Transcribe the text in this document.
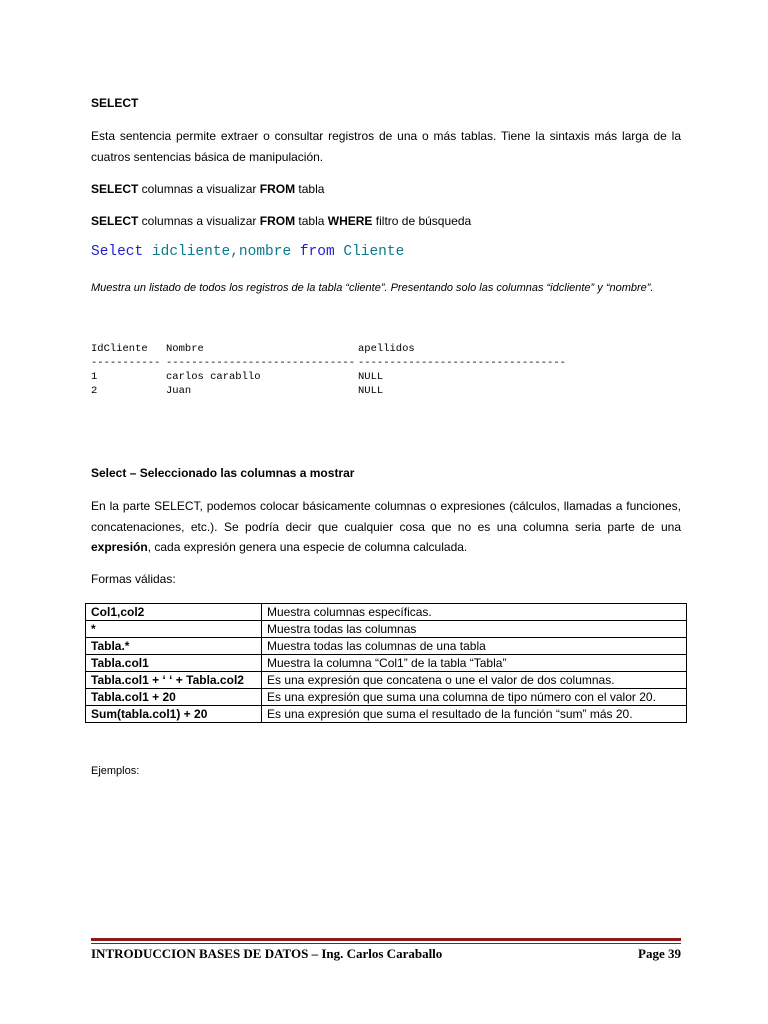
SELECT
Esta sentencia permite extraer o consultar registros de una o más tablas. Tiene la sintaxis más larga de la cuatros sentencias básica de manipulación.
SELECT columnas a visualizar FROM tabla
SELECT columnas a visualizar FROM tabla WHERE filtro de búsqueda
Select idcliente,nombre from Cliente
Muestra un listado de todos los registros de la tabla “cliente”. Presentando solo las columnas “idcliente” y “nombre”.
IdCliente Nombre	apellidos
----------- ------------------------------ ---------------------------------
1	carlos carabllo	NULL
2	Juan	NULL
Select – Seleccionado las columnas a mostrar
En la parte SELECT, podemos colocar básicamente columnas o expresiones (cálculos, llamadas a funciones, concatenaciones, etc.). Se podría decir que cualquier cosa que no es una columna seria parte de una expresión, cada expresión genera una especie de columna calculada.
Formas válidas:
Col1,col2	Muestra columnas específicas.
*	Muestra todas las columnas
Tabla.*	Muestra todas las columnas de una tabla
Tabla.col1	Muestra la columna “Col1” de la tabla “Tabla”
Tabla.col1 + ‘ ‘ + Tabla.col2	Es una expresión que concatena o une el valor de dos columnas.
Tabla.col1 + 20	Es una expresión que suma una columna de tipo número con el valor 20.
Sum(tabla.col1) + 20	Es una expresión que suma el resultado de la función “sum” más 20.
Ejemplos:
INTRODUCCION BASES DE DATOS – Ing. Carlos Caraballo	Page 39
